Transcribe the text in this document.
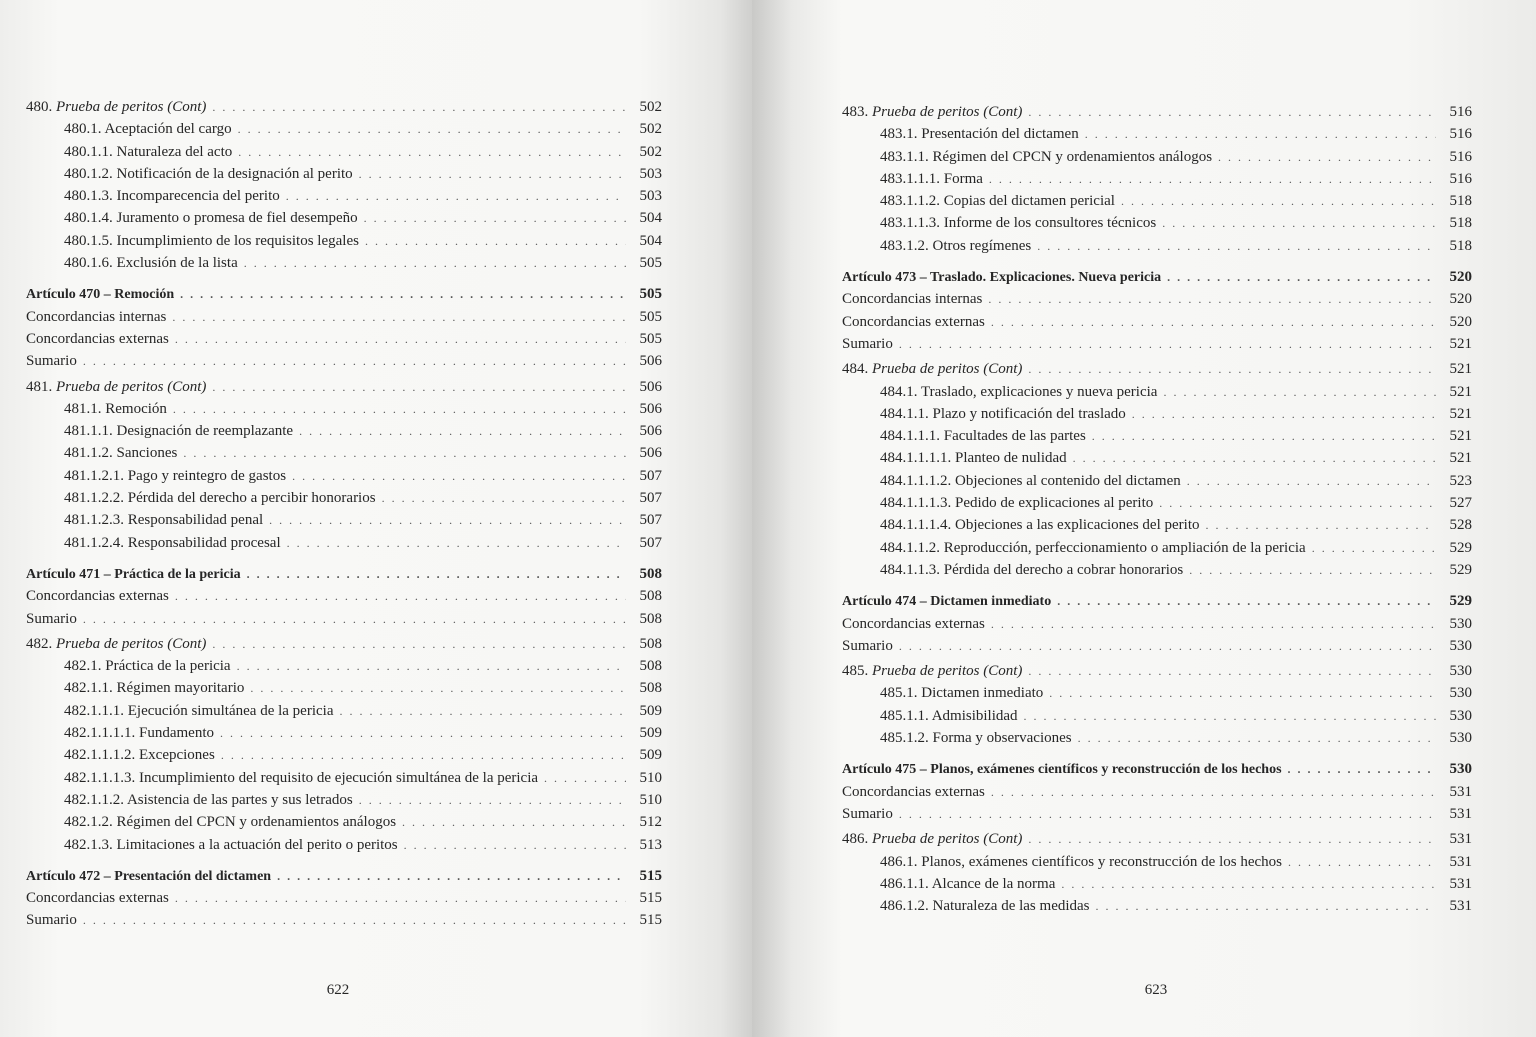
480. Prueba de peritos (Cont) . . .	502
480.1. Aceptación del cargo . . .	502
480.1.1. Naturaleza del acto . . .	502
480.1.2. Notificación de la designación al perito . . .	503
480.1.3. Incomparecencia del perito . . .	503
480.1.4. Juramento o promesa de fiel desempeño . . .	504
480.1.5. Incumplimiento de los requisitos legales . . .	504
480.1.6. Exclusión de la lista . . .	505
Artículo 470 – Remoción . . .	505
Concordancias internas . . .	505
Concordancias externas . . .	505
Sumario . . .	506
481. Prueba de peritos (Cont) . . .	506
481.1. Remoción . . .	506
481.1.1. Designación de reemplazante . . .	506
481.1.2. Sanciones . . .	506
481.1.2.1. Pago y reintegro de gastos . . .	507
481.1.2.2. Pérdida del derecho a percibir honorarios . . .	507
481.1.2.3. Responsabilidad penal . . .	507
481.1.2.4. Responsabilidad procesal . . .	507
Artículo 471 – Práctica de la pericia . . .	508
Concordancias externas . . .	508
Sumario . . .	508
482. Prueba de peritos (Cont) . . .	508
482.1. Práctica de la pericia . . .	508
482.1.1. Régimen mayoritario . . .	508
482.1.1.1. Ejecución simultánea de la pericia . . .	509
482.1.1.1.1. Fundamento . . .	509
482.1.1.1.2. Excepciones . . .	509
482.1.1.1.3. Incumplimiento del requisito de ejecución simultánea de la pericia . . .	510
482.1.1.2. Asistencia de las partes y sus letrados . . .	510
482.1.2. Régimen del CPCN y ordenamientos análogos . . .	512
482.1.3. Limitaciones a la actuación del perito o peritos . . .	513
Artículo 472 – Presentación del dictamen . . .	515
Concordancias externas . . .	515
Sumario . . .	515
622
483. Prueba de peritos (Cont) . . .	516
483.1. Presentación del dictamen . . .	516
483.1.1. Régimen del CPCN y ordenamientos análogos . . .	516
483.1.1.1. Forma . . .	516
483.1.1.2. Copias del dictamen pericial . . .	518
483.1.1.3. Informe de los consultores técnicos . . .	518
483.1.2. Otros regímenes . . .	518
Artículo 473 – Traslado. Explicaciones. Nueva pericia . . .	520
Concordancias internas . . .	520
Concordancias externas . . .	520
Sumario . . .	521
484. Prueba de peritos (Cont) . . .	521
484.1. Traslado, explicaciones y nueva pericia . . .	521
484.1.1. Plazo y notificación del traslado . . .	521
484.1.1.1. Facultades de las partes . . .	521
484.1.1.1.1. Planteo de nulidad . . .	521
484.1.1.1.2. Objeciones al contenido del dictamen . . .	523
484.1.1.1.3. Pedido de explicaciones al perito . . .	527
484.1.1.1.4. Objeciones a las explicaciones del perito . . .	528
484.1.1.2. Reproducción, perfeccionamiento o ampliación de la pericia . . .	529
484.1.1.3. Pérdida del derecho a cobrar honorarios . . .	529
Artículo 474 – Dictamen inmediato . . .	529
Concordancias externas . . .	530
Sumario . . .	530
485. Prueba de peritos (Cont) . . .	530
485.1. Dictamen inmediato . . .	530
485.1.1. Admisibilidad . . .	530
485.1.2. Forma y observaciones . . .	530
Artículo 475 – Planos, exámenes científicos y reconstrucción de los hechos . . .	530
Concordancias externas . . .	531
Sumario . . .	531
486. Prueba de peritos (Cont) . . .	531
486.1. Planos, exámenes científicos y reconstrucción de los hechos . . .	531
486.1.1. Alcance de la norma . . .	531
486.1.2. Naturaleza de las medidas . . .	531
623
